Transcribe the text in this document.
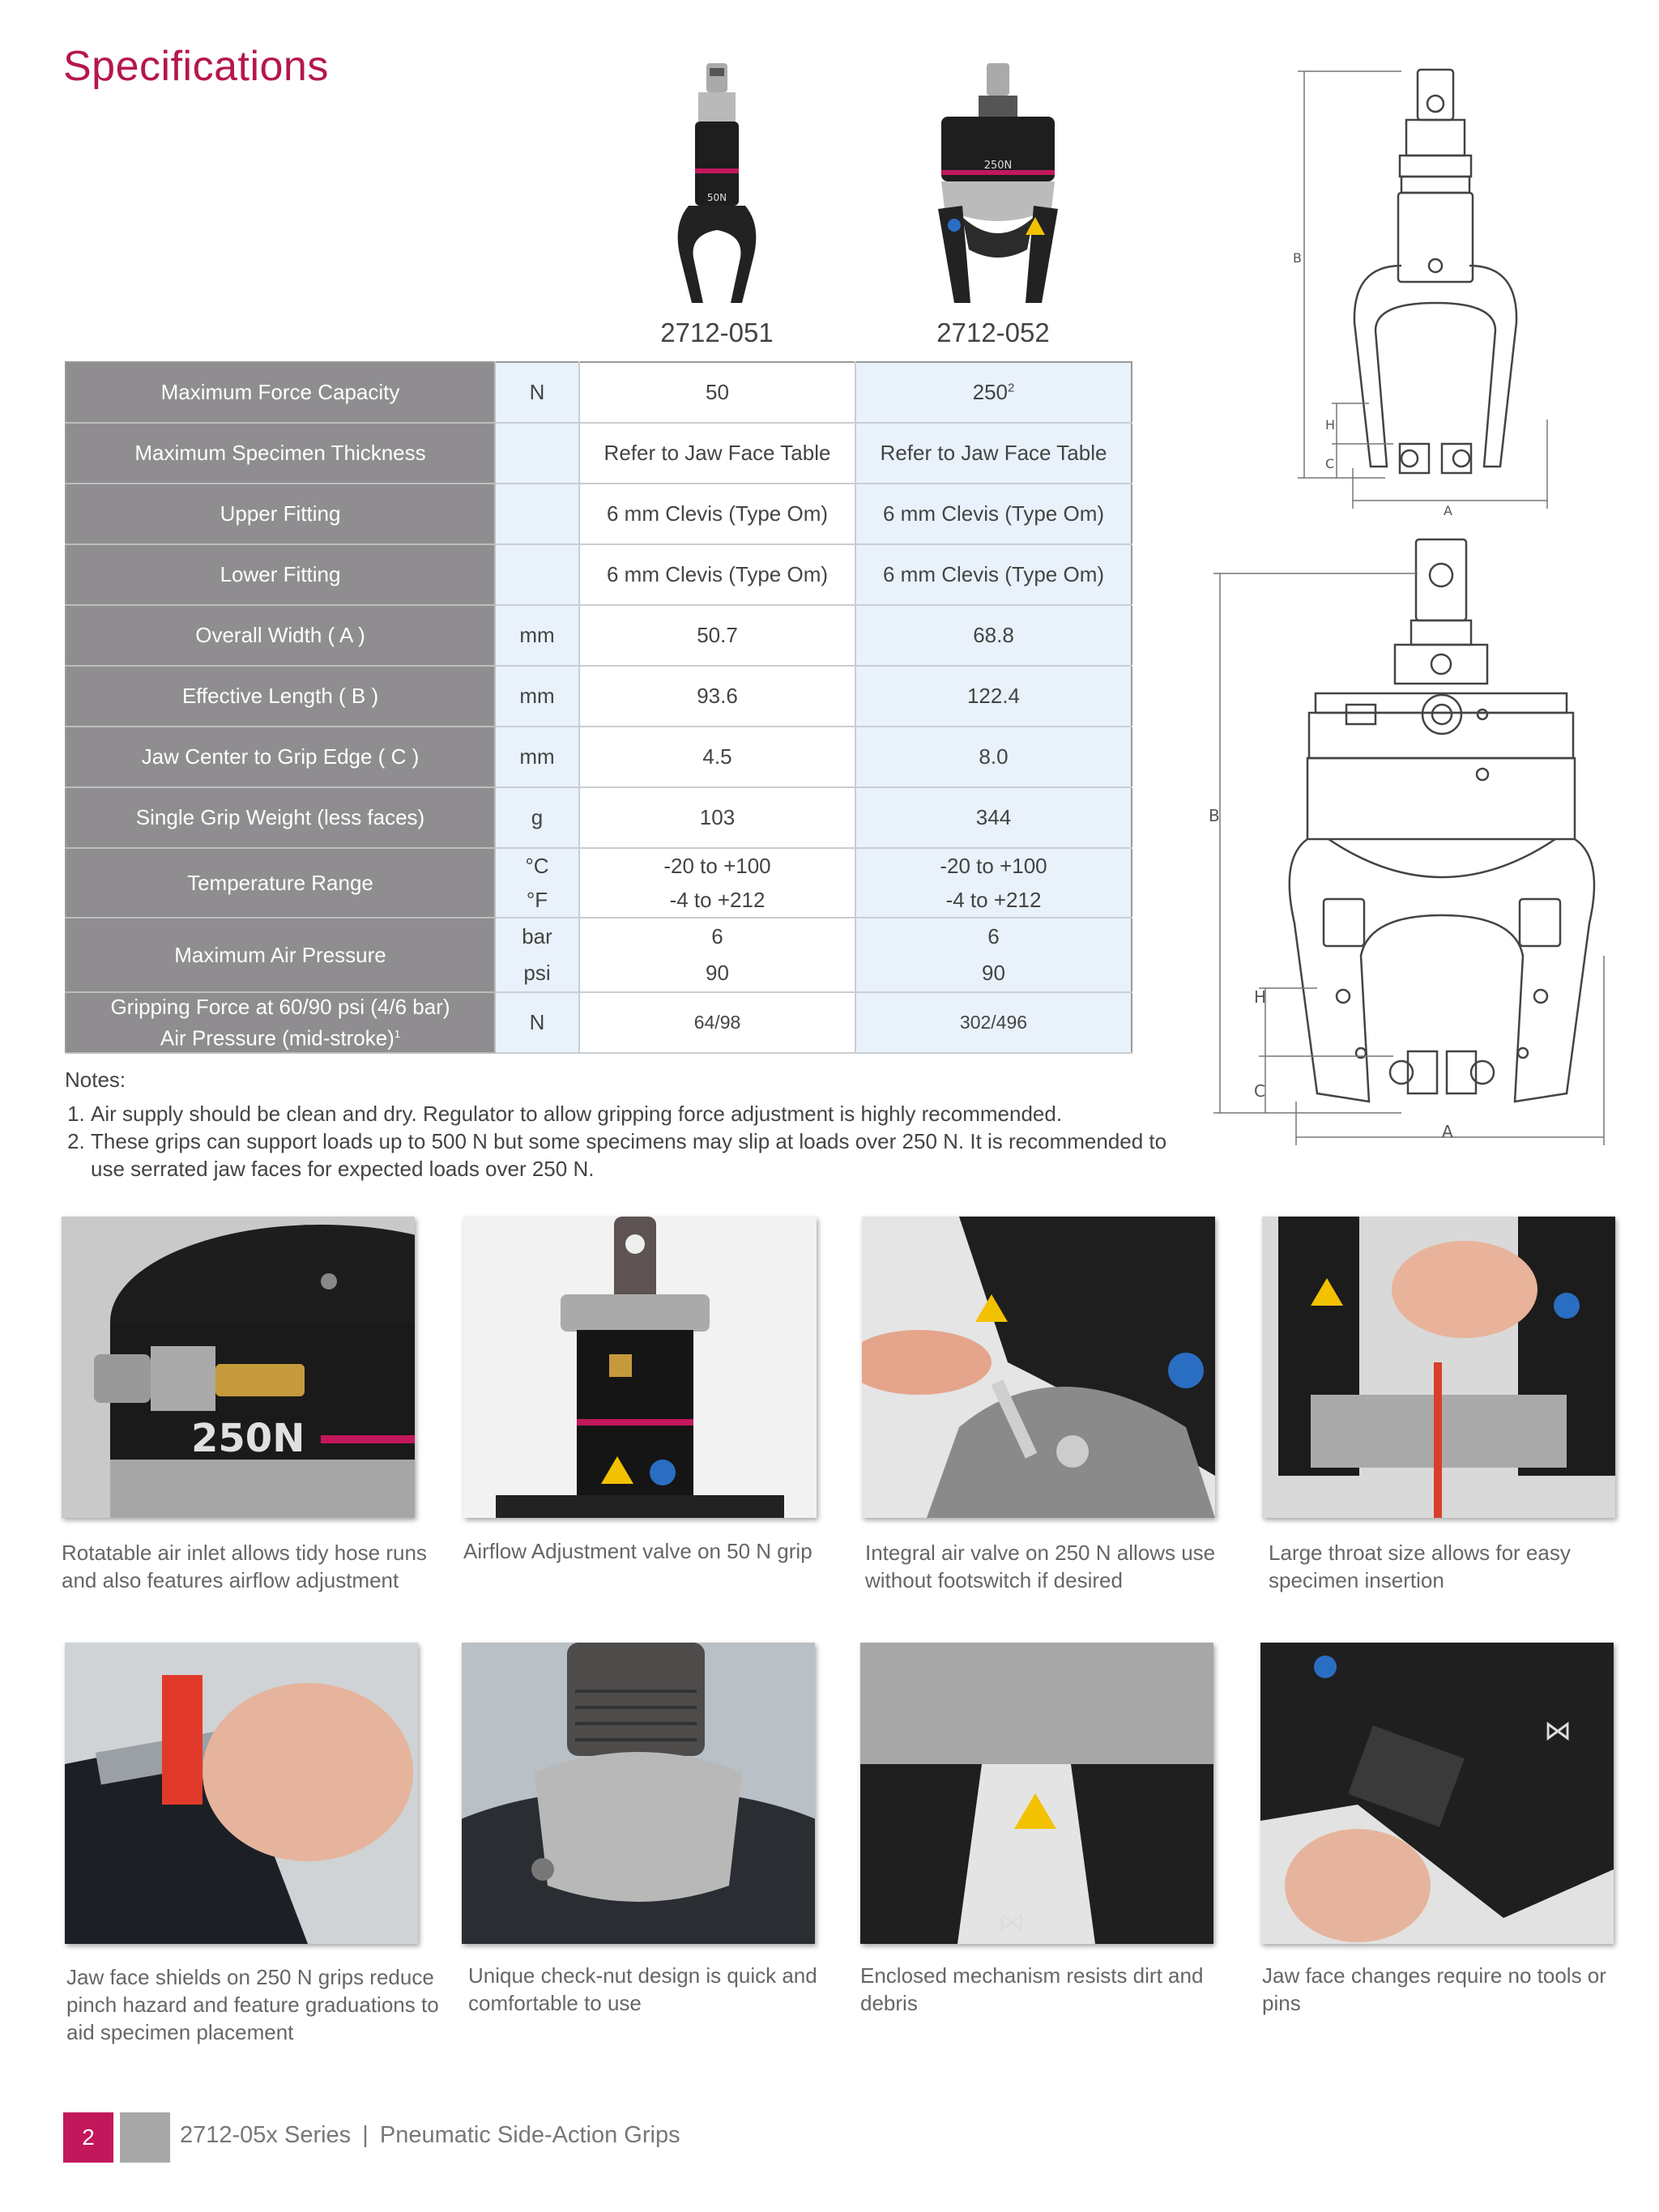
Specifications
50N
250N
2712-051	2712-052
Maximum Force Capacity	N	50	$250^2$
Maximum Specimen Thickness		Refer to Jaw Face Table	Refer to Jaw Face Table
Upper Fitting		6 mm Clevis (Type Om)	6 mm Clevis (Type Om)
Lower Fitting		6 mm Clevis (Type Om)	6 mm Clevis (Type Om)
Overall Width ( A )	mm	50.7	68.8
Effective Length ( B )	mm	93.6	122.4
Jaw Center to Grip Edge ( C )	mm	4.5	8.0
Single Grip Weight (less faces)	g	103	344
Temperature Range	°C	-20 to +100	-20 to +100
	°F	-4 to +212	-4 to +212
Maximum Air Pressure	bar	6	6
	psi	90	90

Gripping Force at 60/90 psi (4/6 bar)
Air Pressure (mid-stroke)$^1$	N	64/98	302/496
Notes:
1. Air supply should be clean and dry. Regulator to allow gripping force adjustment is highly recommended.
2. These grips can support loads up to 500 N but some specimens may slip at loads over 250 N. It is recommended to use serrated jaw faces for expected loads over 250 N.
B
H
C
A
B
H
C
A
250N
Rotatable air inlet allows tidy hose runs and also features airflow adjustment
Airflow Adjustment valve on 50 N grip	Integral air valve on 250 N allows use without footswitch if desired
Large throat size allows for easy specimen insertion
⋈
⋈
Jaw face shields on 250 N grips reduce pinch hazard and feature graduations to aid specimen placement
Unique check-nut design is quick and comfortable to use
Enclosed mechanism resists dirt and debris
Jaw face changes require no tools or pins
2	2712-05x Series | Pneumatic Side-Action Grips
